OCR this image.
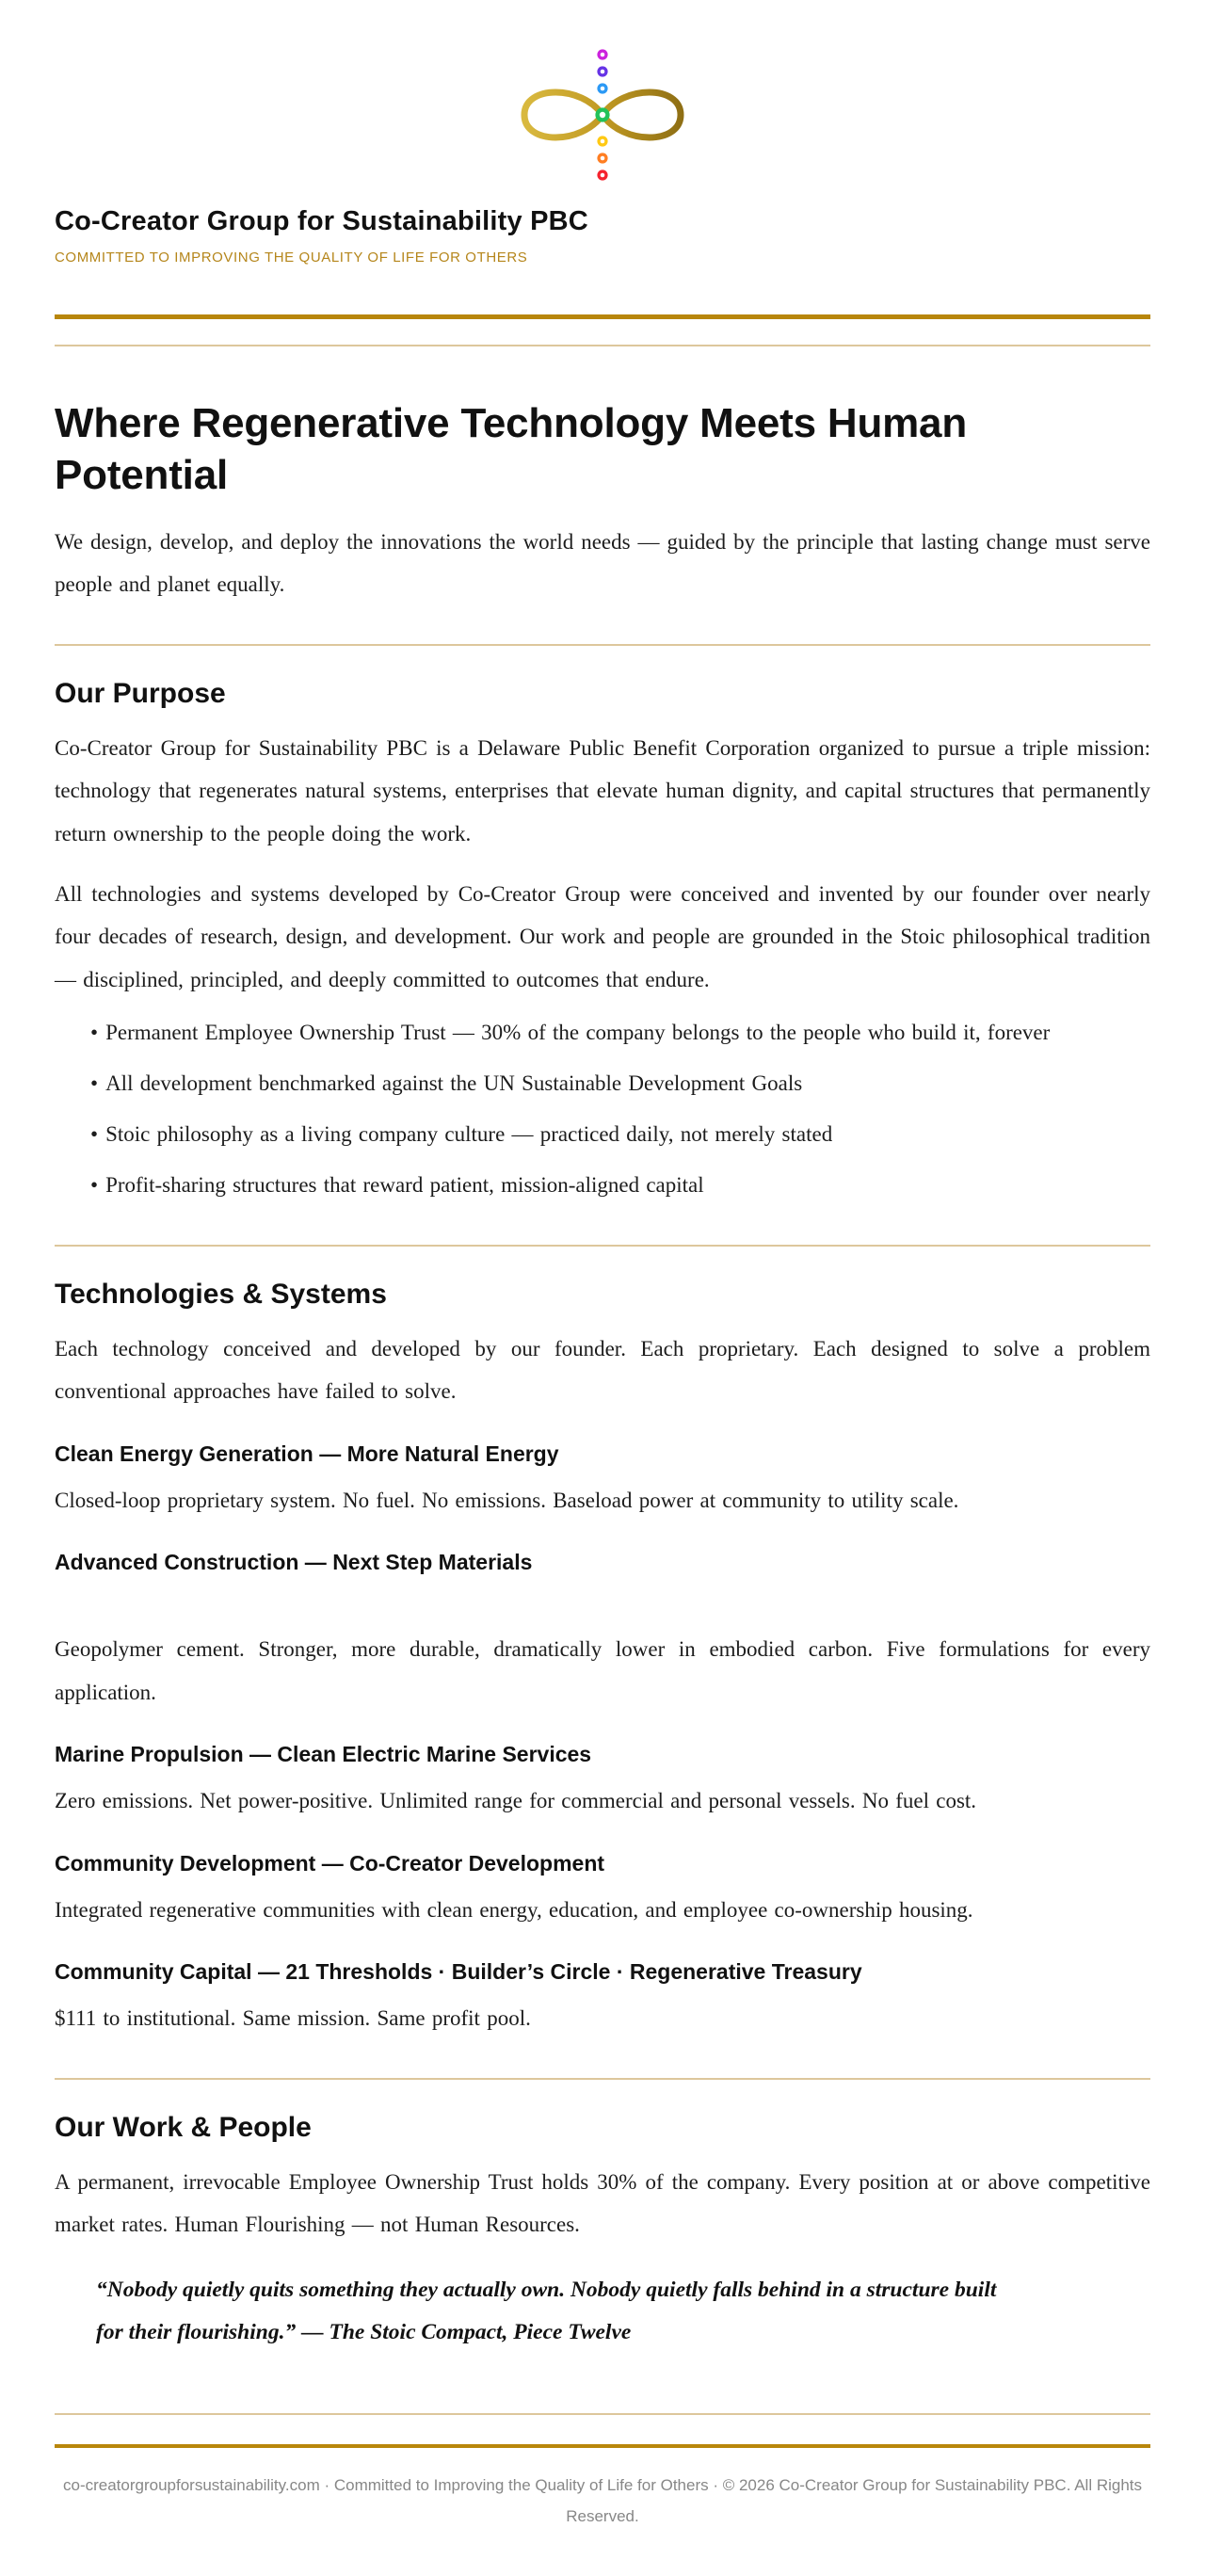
Co-Creator Group for Sustainability PBC
COMMITTED TO IMPROVING THE QUALITY OF LIFE FOR OTHERS
Where Regenerative Technology Meets Human Potential

We design, develop, and deploy the innovations the world needs — guided by the principle that lasting change must serve people and planet equally.

Our Purpose

Co-Creator Group for Sustainability PBC is a Delaware Public Benefit Corporation organized to pursue a triple mission: technology that regenerates natural systems, enterprises that elevate human dignity, and capital structures that permanently return ownership to the people doing the work.

All technologies and systems developed by Co-Creator Group were conceived and invented by our founder over nearly four decades of research, design, and development. Our work and people are grounded in the Stoic philosophical tradition — disciplined, principled, and deeply committed to outcomes that endure.

• Permanent Employee Ownership Trust — 30% of the company belongs to the people who build it, forever
• All development benchmarked against the UN Sustainable Development Goals
• Stoic philosophy as a living company culture — practiced daily, not merely stated
• Profit-sharing structures that reward patient, mission-aligned capital
Technologies & Systems

Each technology conceived and developed by our founder. Each proprietary. Each designed to solve a problem conventional approaches have failed to solve.

Clean Energy Generation — More Natural Energy

Closed-loop proprietary system. No fuel. No emissions. Baseload power at community to utility scale.

Advanced Construction — Next Step Materials

Geopolymer cement. Stronger, more durable, dramatically lower in embodied carbon. Five formulations for every application.

Marine Propulsion — Clean Electric Marine Services

Zero emissions. Net power-positive. Unlimited range for commercial and personal vessels. No fuel cost.

Community Development — Co-Creator Development

Integrated regenerative communities with clean energy, education, and employee co-ownership housing.

Community Capital — 21 Thresholds · Builder’s Circle · Regenerative Treasury

$111 to institutional. Same mission. Same profit pool.

Our Work & People

A permanent, irrevocable Employee Ownership Trust holds 30% of the company. Every position at or above competitive market rates. Human Flourishing — not Human Resources.

“Nobody quietly quits something they actually own. Nobody quietly falls behind in a structure built for their flourishing.” — The Stoic Compact, Piece Twelve

co-creatorgroupforsustainability.com · Committed to Improving the Quality of Life for Others · © 2026 Co-Creator Group for Sustainability PBC. All Rights Reserved.
